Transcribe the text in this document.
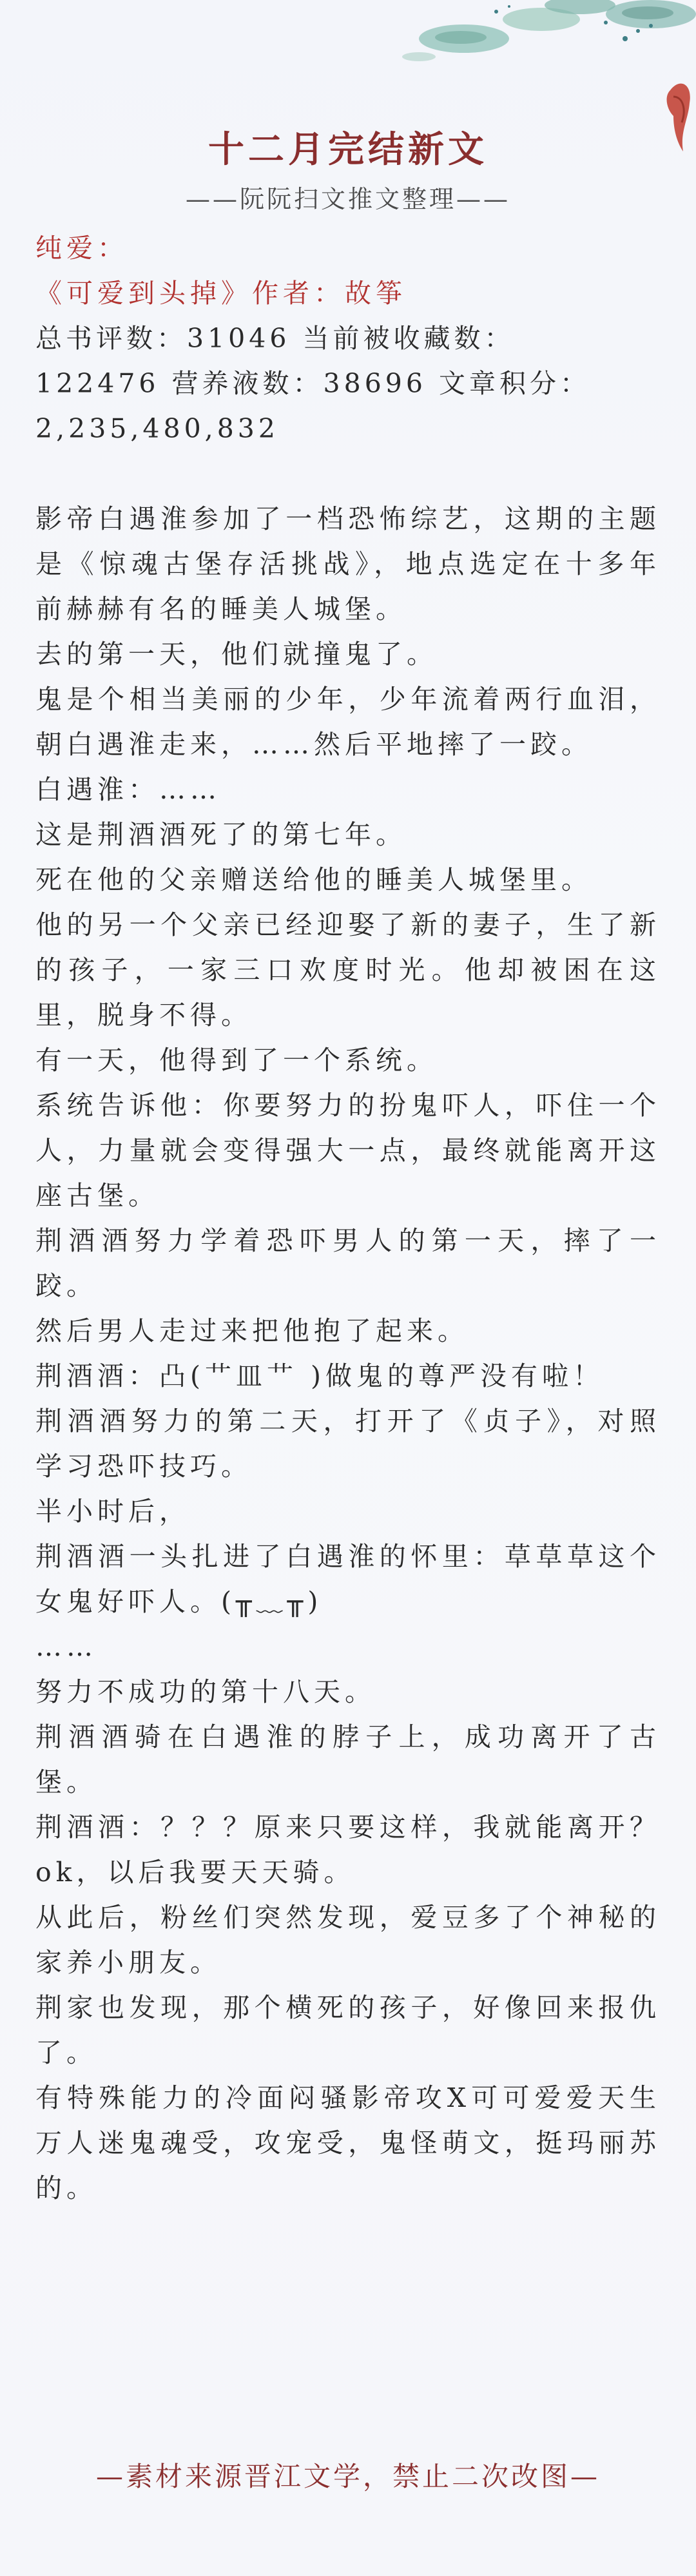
十二月完结新文
——阮阮扫文推文整理——

纯爱：

《可爱到头掉》作者：故筝

总书评数：31046 当前被收藏数：

122476 营养液数：38696 文章积分：

2,235,480,832

影帝白遇淮参加了一档恐怖综艺，这期的主题是《惊魂古堡存活挑战》，地点选定在十多年前赫赫有名的睡美人城堡。

去的第一天，他们就撞鬼了。

鬼是个相当美丽的少年，少年流着两行血泪，朝白遇淮走来，……然后平地摔了一跤。

白遇淮：……

这是荆酒酒死了的第七年。

死在他的父亲赠送给他的睡美人城堡里。

他的另一个父亲已经迎娶了新的妻子，生了新的孩子，一家三口欢度时光。他却被困在这里，脱身不得。

有一天，他得到了一个系统。

系统告诉他：你要努力的扮鬼吓人，吓住一个人，力量就会变得强大一点，最终就能离开这座古堡。

荆酒酒努力学着恐吓男人的第一天，摔了一跤。

然后男人走过来把他抱了起来。

荆酒酒：凸(艹皿艹 )做鬼的尊严没有啦！

荆酒酒努力的第二天，打开了《贞子》，对照学习恐吓技巧。

半小时后，

荆酒酒一头扎进了白遇淮的怀里：草草草这个女鬼好吓人。(╥﹏╥)

……

努力不成功的第十八天。

荆酒酒骑在白遇淮的脖子上，成功离开了古堡。

荆酒酒：？？？原来只要这样，我就能离开？ok，以后我要天天骑。

从此后，粉丝们突然发现，爱豆多了个神秘的家养小朋友。

荆家也发现，那个横死的孩子，好像回来报仇了。

有特殊能力的冷面闷骚影帝攻X可可爱爱天生万人迷鬼魂受，攻宠受，鬼怪萌文，挺玛丽苏的。

—素材来源晋江文学，禁止二次改图—
